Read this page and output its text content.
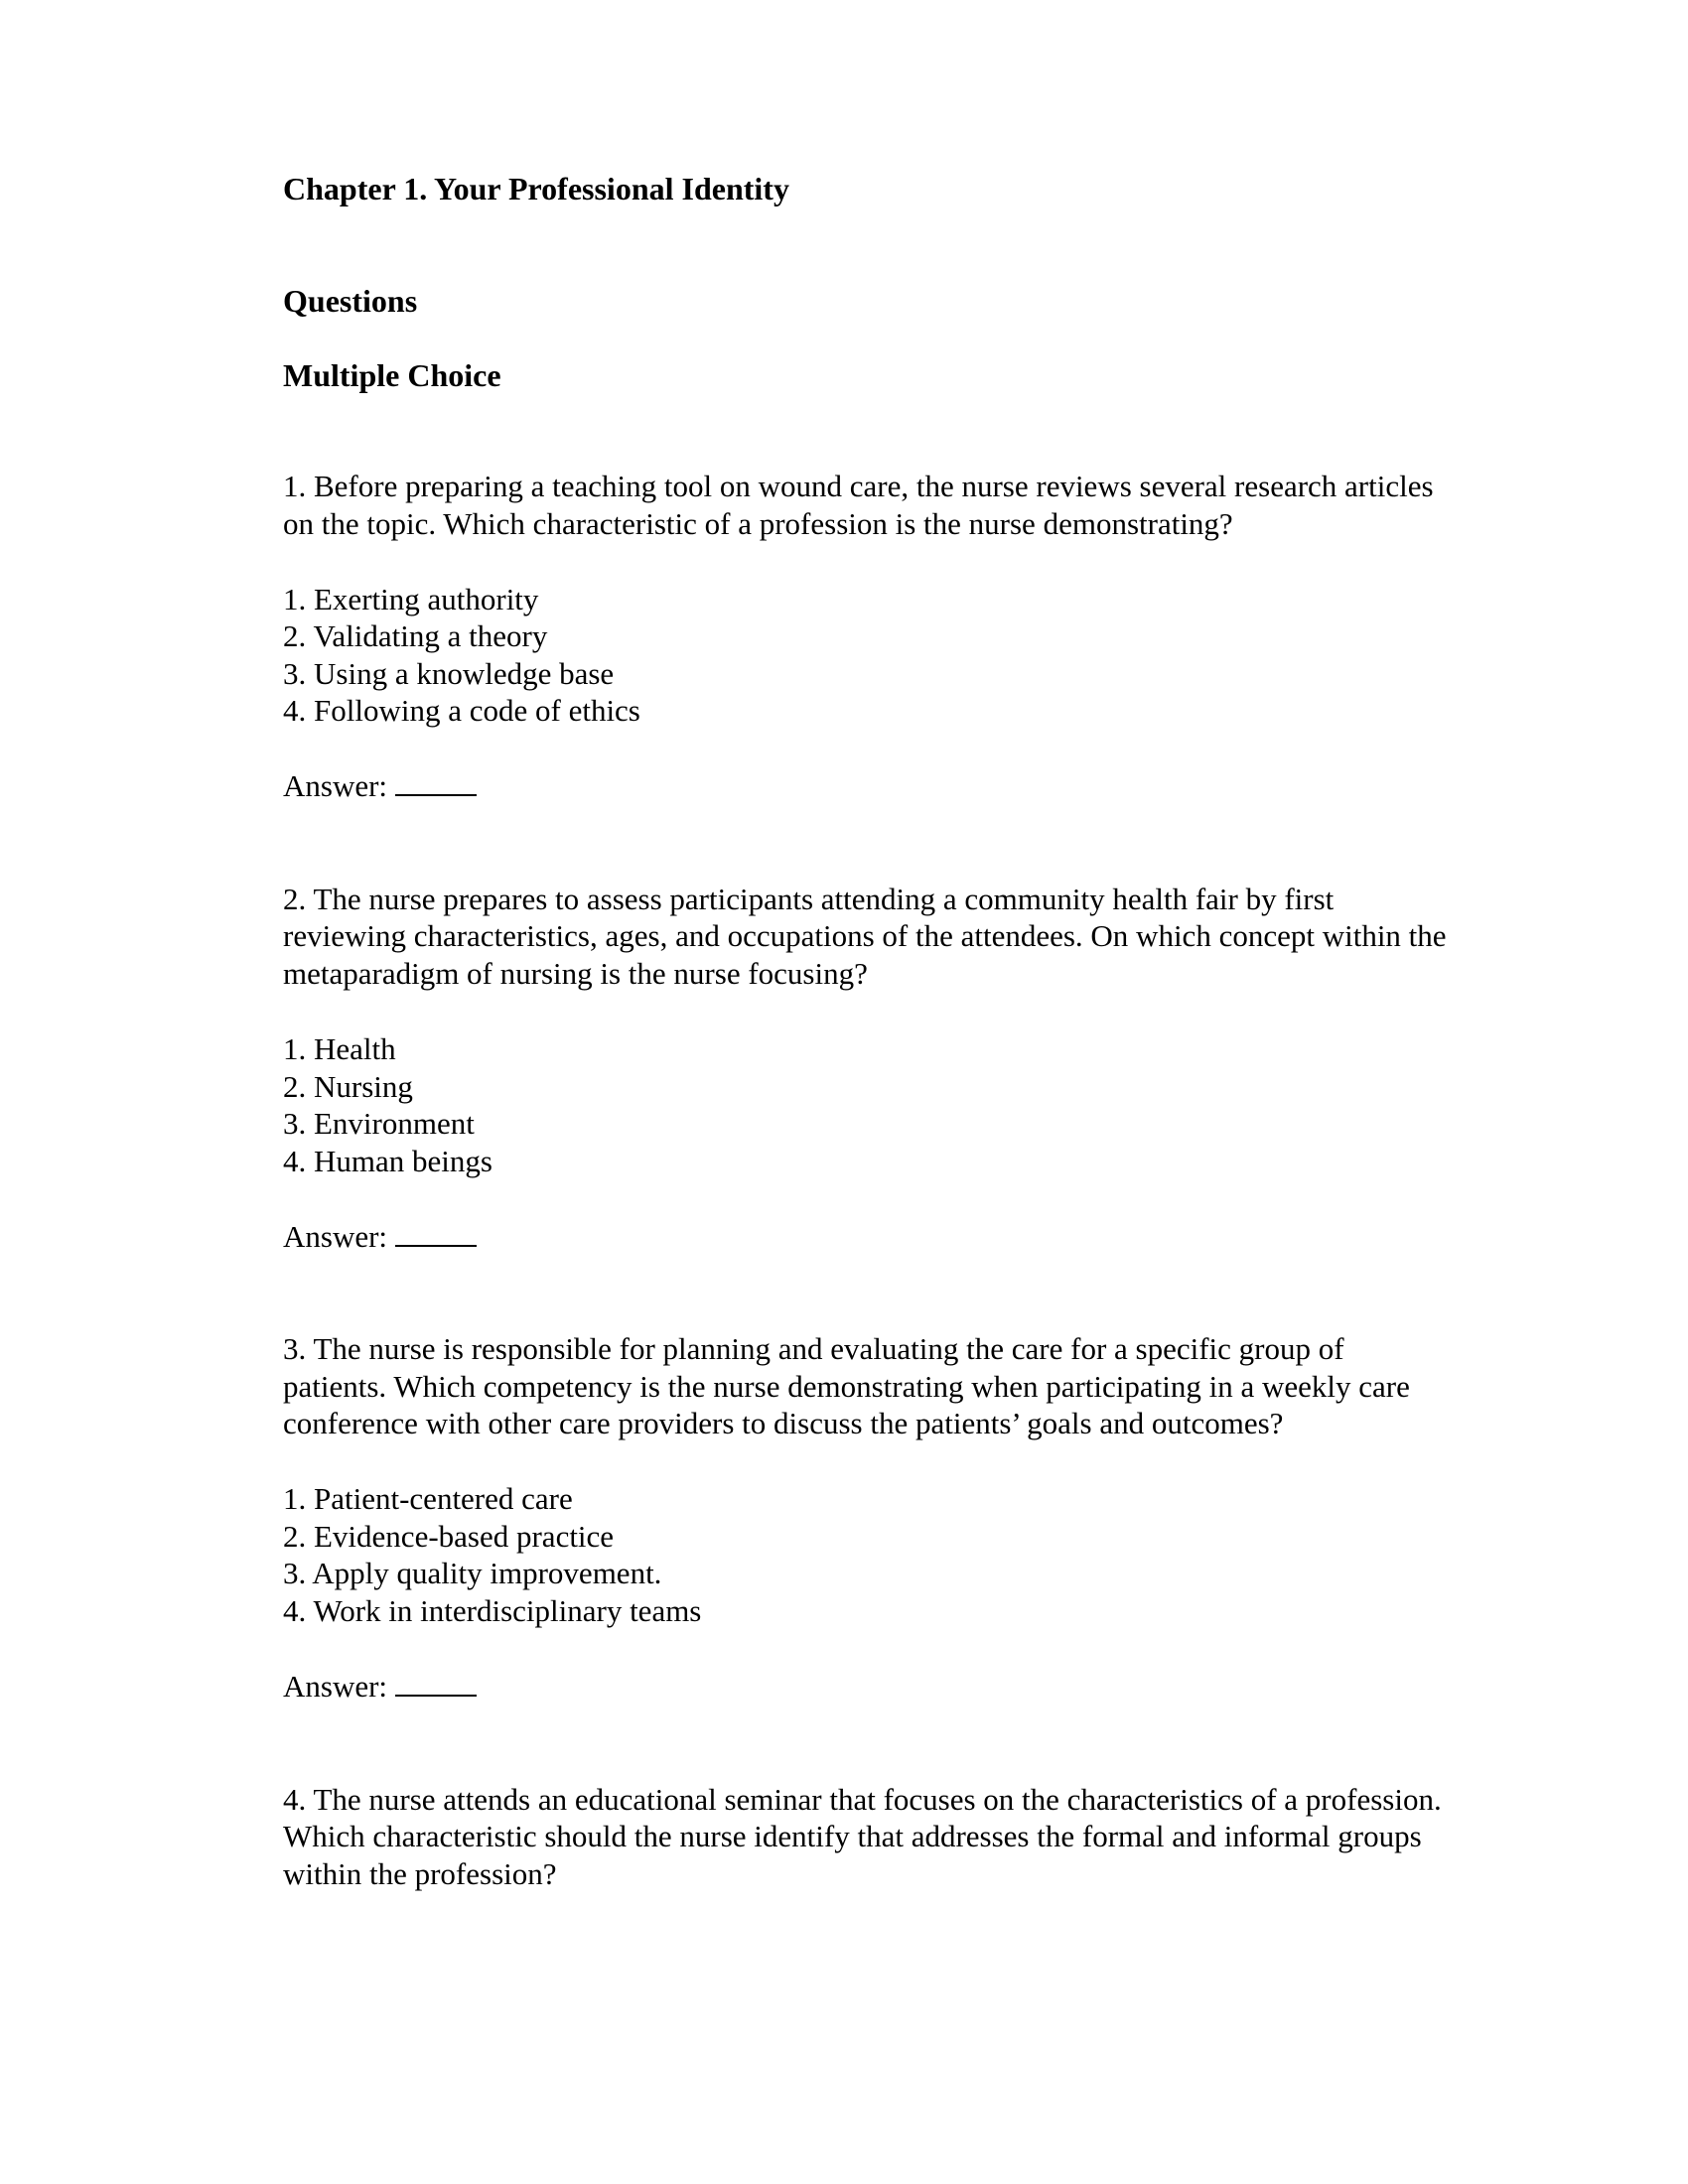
Chapter 1. Your Professional Identity
Questions
Multiple Choice
1. Before preparing a teaching tool on wound care, the nurse reviews several research articles
on the topic. Which characteristic of a profession is the nurse demonstrating?
1. Exerting authority
2. Validating a theory
3. Using a knowledge base
4. Following a code of ethics
Answer:
2. The nurse prepares to assess participants attending a community health fair by first
reviewing characteristics, ages, and occupations of the attendees. On which concept within the
metaparadigm of nursing is the nurse focusing?
1. Health
2. Nursing
3. Environment
4. Human beings
Answer:
3. The nurse is responsible for planning and evaluating the care for a specific group of
patients. Which competency is the nurse demonstrating when participating in a weekly care
conference with other care providers to discuss the patients’ goals and outcomes?
1. Patient-centered care
2. Evidence-based practice
3. Apply quality improvement.
4. Work in interdisciplinary teams
Answer:
4. The nurse attends an educational seminar that focuses on the characteristics of a profession.
Which characteristic should the nurse identify that addresses the formal and informal groups
within the profession?
